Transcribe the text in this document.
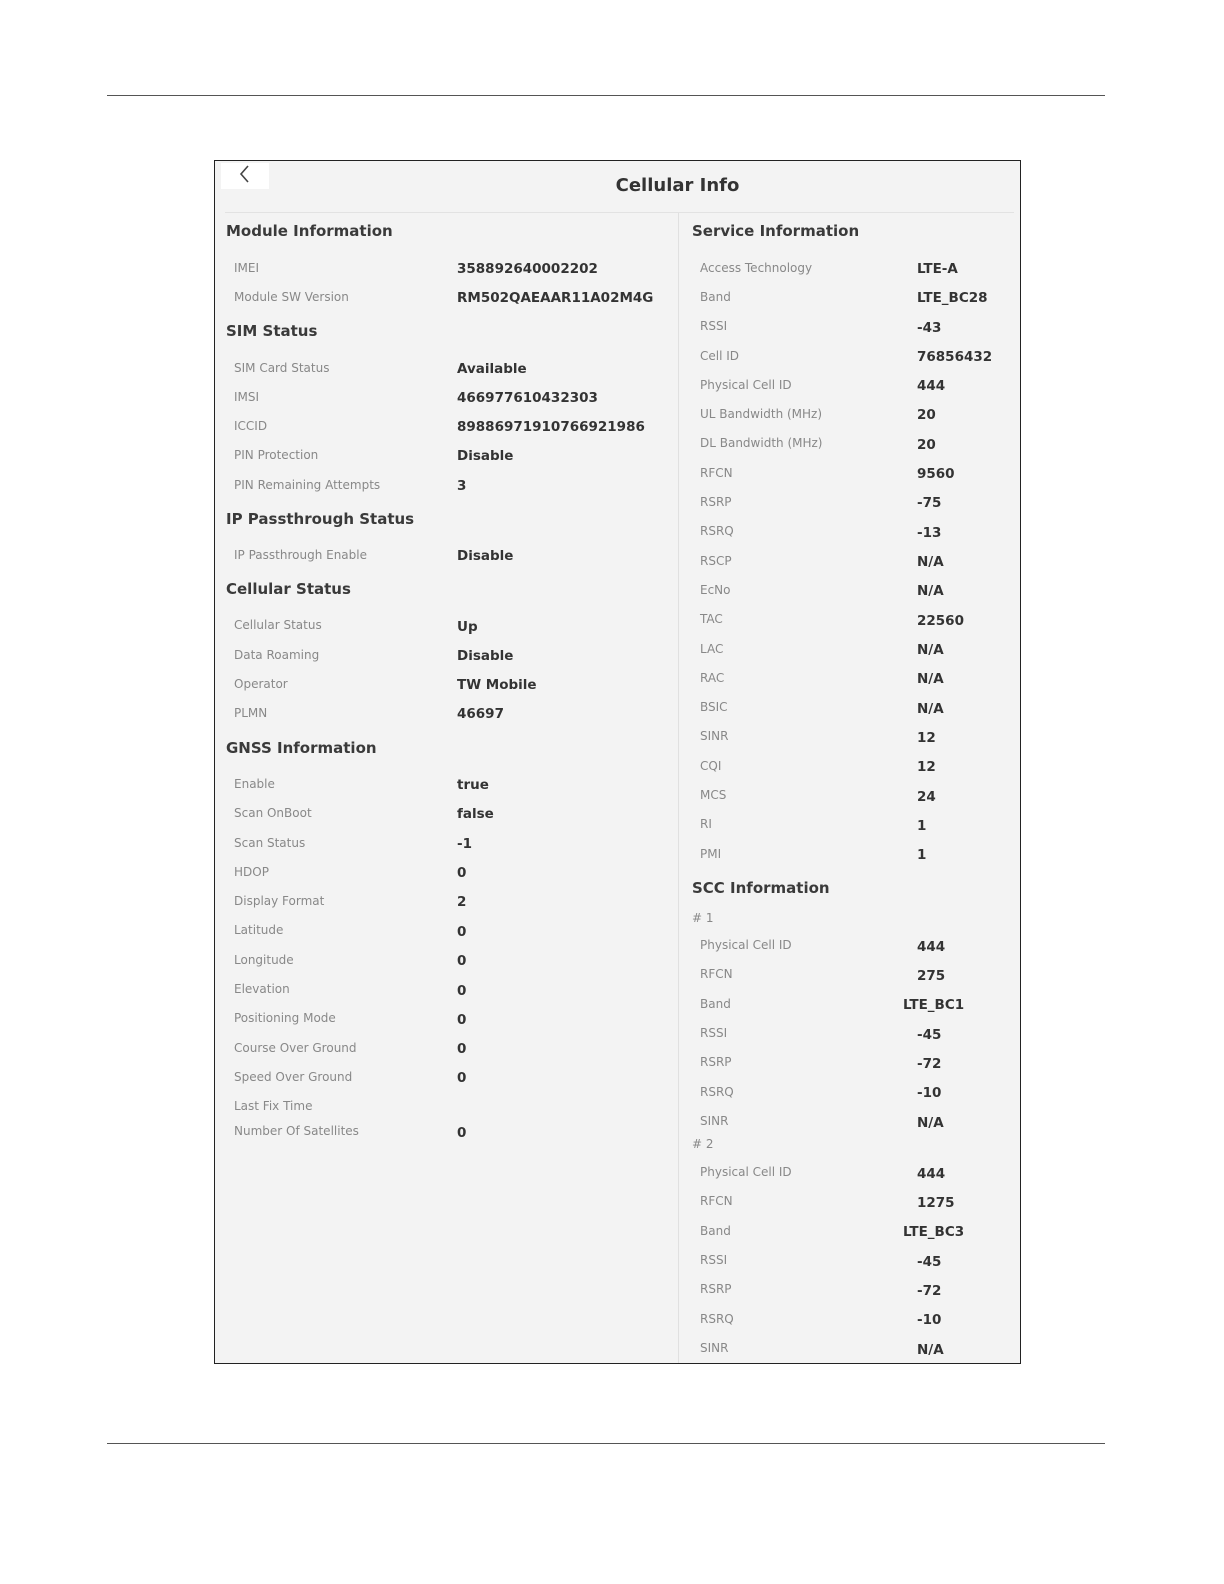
Cellular Info
Module Information
IMEI	358892640002202
Module SW Version	RM502QAEAAR11A02M4G
SIM Status
SIM Card Status	Available
IMSI	466977610432303
ICCID	89886971910766921986
PIN Protection	Disable
PIN Remaining Attempts	3
IP Passthrough Status
IP Passthrough Enable	Disable
Cellular Status
Cellular Status	Up
Data Roaming	Disable
Operator	TW Mobile
PLMN	46697
GNSS Information
Enable	true
Scan OnBoot	false
Scan Status	-1
HDOP	0
Display Format	2
Latitude	0
Longitude	0
Elevation	0
Positioning Mode	0
Course Over Ground	0
Speed Over Ground	0
Last Fix Time
Number Of Satellites	0
Service Information
Access Technology	LTE-A
Band	LTE_BC28
RSSI	-43
Cell ID	76856432
Physical Cell ID	444
UL Bandwidth (MHz)	20
DL Bandwidth (MHz)	20
RFCN	9560
RSRP	-75
RSRQ	-13
RSCP	N/A
EcNo	N/A
TAC	22560
LAC	N/A
RAC	N/A
BSIC	N/A
SINR	12
CQI	12
MCS	24
RI	1
PMI	1
SCC Information
# 1
Physical Cell ID	444
RFCN	275
Band	LTE_BC1
RSSI	-45
RSRP	-72
RSRQ	-10
SINR	N/A
# 2
Physical Cell ID	444
RFCN	1275
Band	LTE_BC3
RSSI	-45
RSRP	-72
RSRQ	-10
SINR	N/A
